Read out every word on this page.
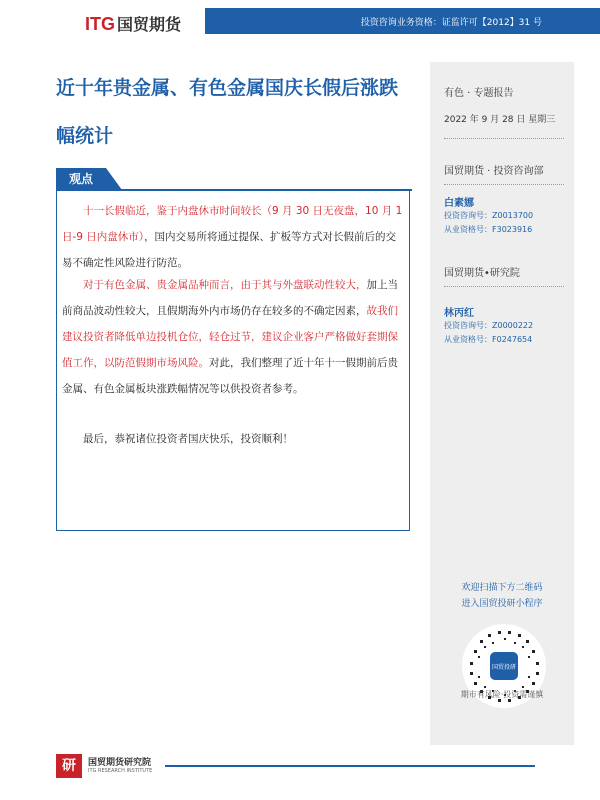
ITG 国贸期货	投资咨询业务资格：证监许可【2012】31 号
近十年贵金属、有色金属国庆长假后涨跌幅统计
有色 · 专题报告
2022 年 9 月 28 日 星期三
国贸期货 · 投资咨询部
白素娜
投资咨询号：Z0013700
从业资格号：F3023916
国贸期货•研究院
林丙红
投资咨询号：Z0000222
从业资格号：F0247654
欢迎扫描下方二维码
进入国贸投研小程序
国贸投研
期市有风险·投资需谨慎
观点
十一长假临近，鉴于内盘休市时间较长（9 月 30 日无夜盘，10 月 1 日-9 日内盘休市），国内交易所将通过提保、扩板等方式对长假前后的交易不确定性风险进行防范。
对于有色金属、贵金属品种而言，由于其与外盘联动性较大，加上当前商品波动性较大，且假期海外内市场仍存在较多的不确定因素，故我们建议投资者降低单边投机仓位，轻仓过节，建议企业客户严格做好套期保值工作，以防范假期市场风险。对此，我们整理了近十年十一假期前后贵金属、有色金属板块涨跌幅情况等以供投资者参考。
最后，恭祝诸位投资者国庆快乐，投资顺利！
研	国贸期货研究院
ITG RESEARCH INSTITUTE
